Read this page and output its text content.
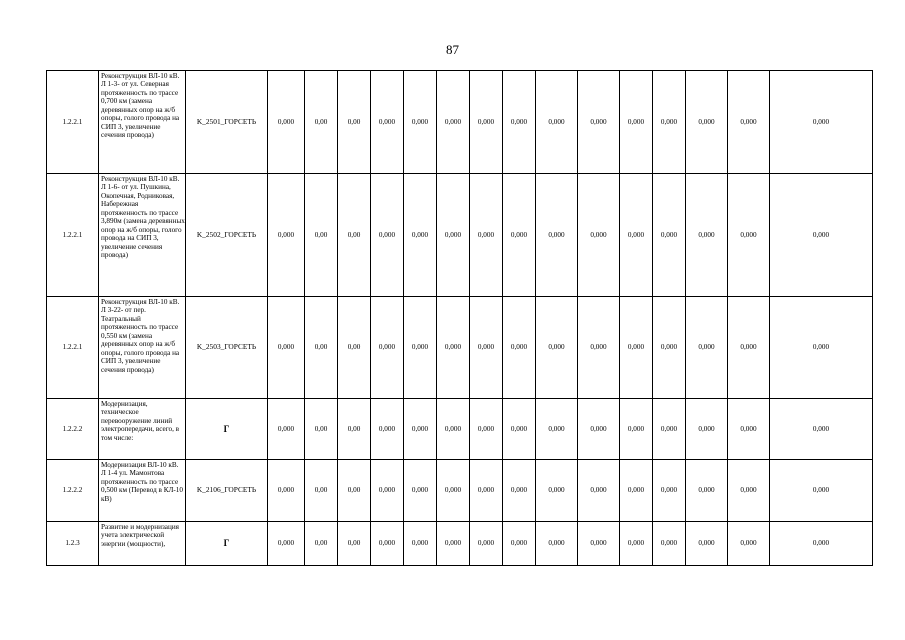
87
1.2.2.1	Реконструкция ВЛ-10 кВ. Л 1-3- от ул. Северная протяженность по трассе 0,700 км (замена деревянных опор на ж/б опоры, голого провода на СИП 3, увеличение сечения провода)	K_2501_ГОРСЕТЬ	0,000	0,00	0,00	0,000	0,000	0,000	0,000	0,000	0,000	0,000	0,000	0,000	0,000	0,000	0,000	
1.2.2.1	Реконструкция ВЛ-10 кВ. Л 1-6- от ул. Пушкина, Окопечная, Родниковая, Набережная протяженность по трассе 3,890м (замена деревянных опор на ж/б опоры, голого провода на СИП 3, увеличение сечения провода)	K_2502_ГОРСЕТЬ	0,000	0,00	0,00	0,000	0,000	0,000	0,000	0,000	0,000	0,000	0,000	0,000	0,000	0,000	0,000	
1.2.2.1	Реконструкция ВЛ-10 кВ. Л 3-22- от пер. Театральный протяженность по трассе 0,550 км (замена деревянных опор на ж/б опоры, голого провода на СИП 3, увеличение сечения провода)	K_2503_ГОРСЕТЬ	0,000	0,00	0,00	0,000	0,000	0,000	0,000	0,000	0,000	0,000	0,000	0,000	0,000	0,000	0,000	
1.2.2.2	Модернизация, техническое перевооружение линий электропередачи, всего, в том числе:	Г	0,000	0,00	0,00	0,000	0,000	0,000	0,000	0,000	0,000	0,000	0,000	0,000	0,000	0,000	0,000	
1.2.2.2	Модернизация ВЛ-10 кВ. Л 1-4 ул. Мамонтова протяженность по трассе 0,500 км (Перевод в КЛ-10 кВ)	K_2106_ГОРСЕТЬ	0,000	0,00	0,00	0,000	0,000	0,000	0,000	0,000	0,000	0,000	0,000	0,000	0,000	0,000	0,000	
1.2.3	Развитие и модернизация учета электрической энергии (мощности),	Г	0,000	0,00	0,00	0,000	0,000	0,000	0,000	0,000	0,000	0,000	0,000	0,000	0,000	0,000	0,000	
